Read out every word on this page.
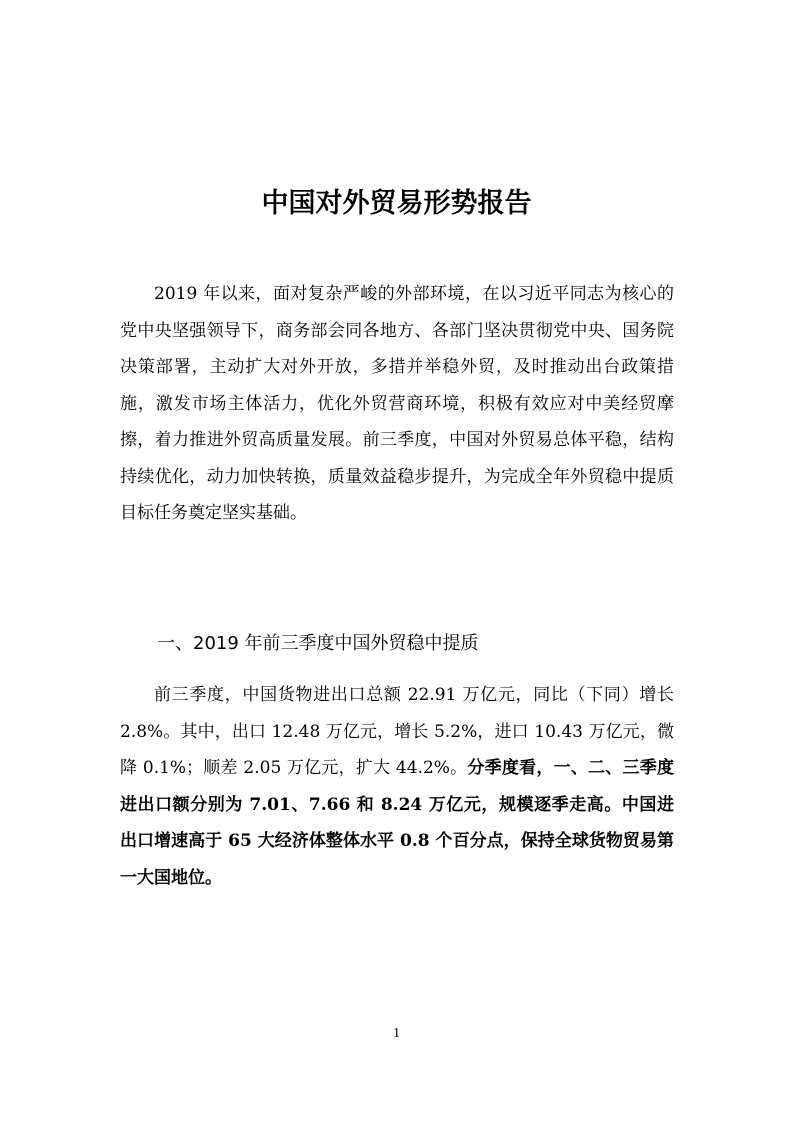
中国对外贸易形势报告

2019 年以来，面对复杂严峻的外部环境，在以习近平同志为核心的党中央坚强领导下，商务部会同各地方、各部门坚决贯彻党中央、国务院决策部署，主动扩大对外开放，多措并举稳外贸，及时推动出台政策措施，激发市场主体活力，优化外贸营商环境，积极有效应对中美经贸摩擦，着力推进外贸高质量发展。前三季度，中国对外贸易总体平稳，结构持续优化，动力加快转换，质量效益稳步提升，为完成全年外贸稳中提质目标任务奠定坚实基础。

一、2019 年前三季度中国外贸稳中提质

前三季度，中国货物进出口总额 22.91 万亿元，同比（下同）增长 2.8%。其中，出口 12.48 万亿元，增长 5.2%，进口 10.43 万亿元，微降 0.1%；顺差 2.05 万亿元，扩大 44.2%。分季度看，一、二、三季度进出口额分别为 7.01、7.66 和 8.24 万亿元，规模逐季走高。中国进出口增速高于 65 大经济体整体水平 0.8 个百分点，保持全球货物贸易第一大国地位。

1
